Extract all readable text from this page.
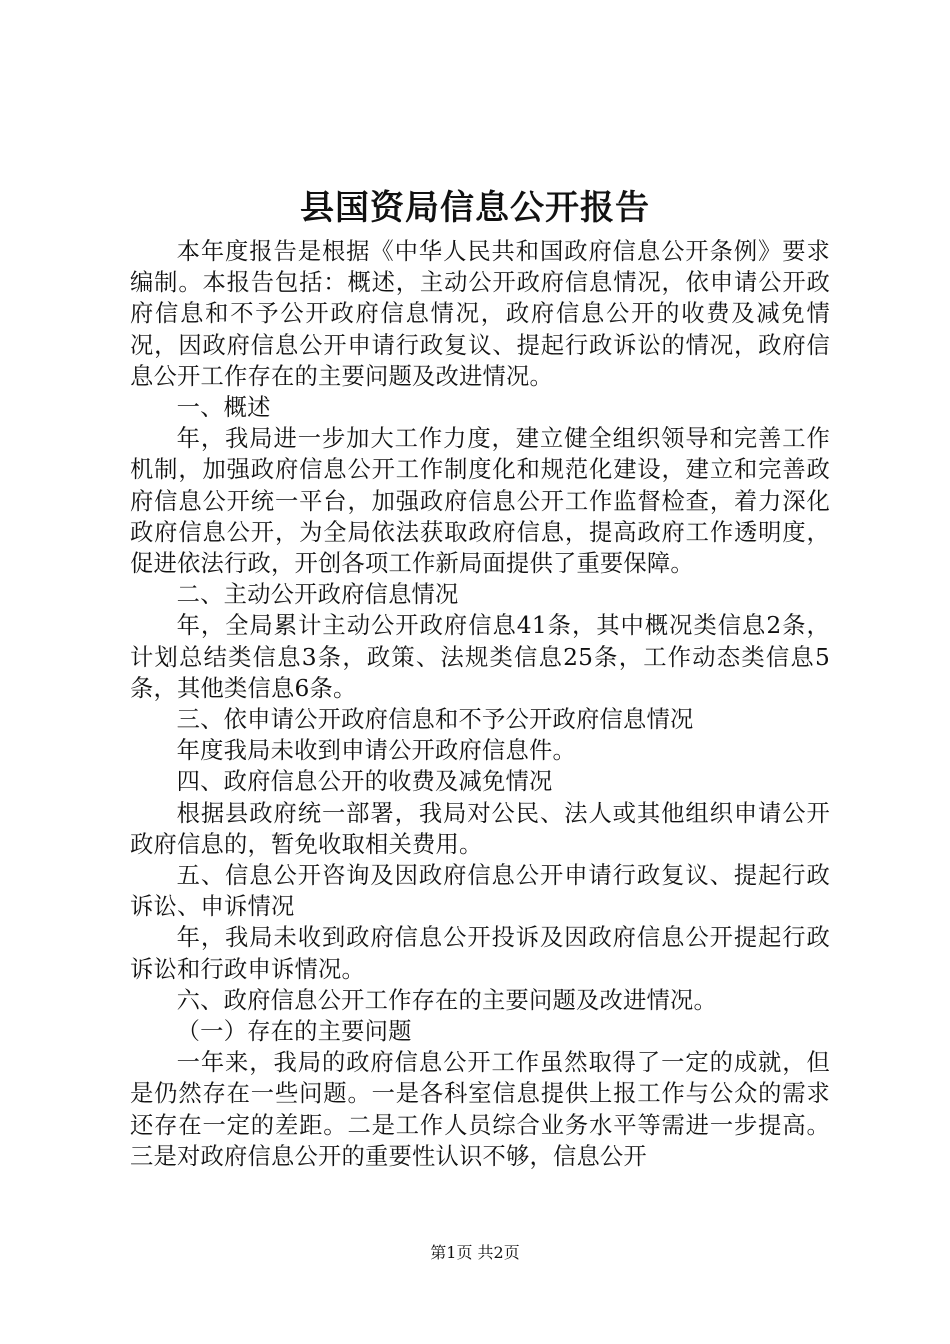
县国资局信息公开报告

本年度报告是根据《中华人民共和国政府信息公开条例》要求编制。本报告包括：概述，主动公开政府信息情况，依申请公开政府信息和不予公开政府信息情况，政府信息公开的收费及减免情况，因政府信息公开申请行政复议、提起行政诉讼的情况，政府信息公开工作存在的主要问题及改进情况。

一、概述

年，我局进一步加大工作力度，建立健全组织领导和完善工作机制，加强政府信息公开工作制度化和规范化建设，建立和完善政府信息公开统一平台，加强政府信息公开工作监督检查，着力深化政府信息公开，为全局依法获取政府信息，提高政府工作透明度，促进依法行政，开创各项工作新局面提供了重要保障。

二、主动公开政府信息情况

年，全局累计主动公开政府信息41条，其中概况类信息2条，计划总结类信息3条，政策、法规类信息25条，工作动态类信息5条，其他类信息6条。

三、依申请公开政府信息和不予公开政府信息情况

年度我局未收到申请公开政府信息件。

四、政府信息公开的收费及减免情况

根据县政府统一部署，我局对公民、法人或其他组织申请公开政府信息的，暂免收取相关费用。

五、信息公开咨询及因政府信息公开申请行政复议、提起行政诉讼、申诉情况

年，我局未收到政府信息公开投诉及因政府信息公开提起行政诉讼和行政申诉情况。

六、政府信息公开工作存在的主要问题及改进情况。

（一）存在的主要问题

一年来，我局的政府信息公开工作虽然取得了一定的成就，但是仍然存在一些问题。一是各科室信息提供上报工作与公众的需求还存在一定的差距。二是工作人员综合业务水平等需进一步提高。三是对政府信息公开的重要性认识不够，信息公开

第1页 共2页
